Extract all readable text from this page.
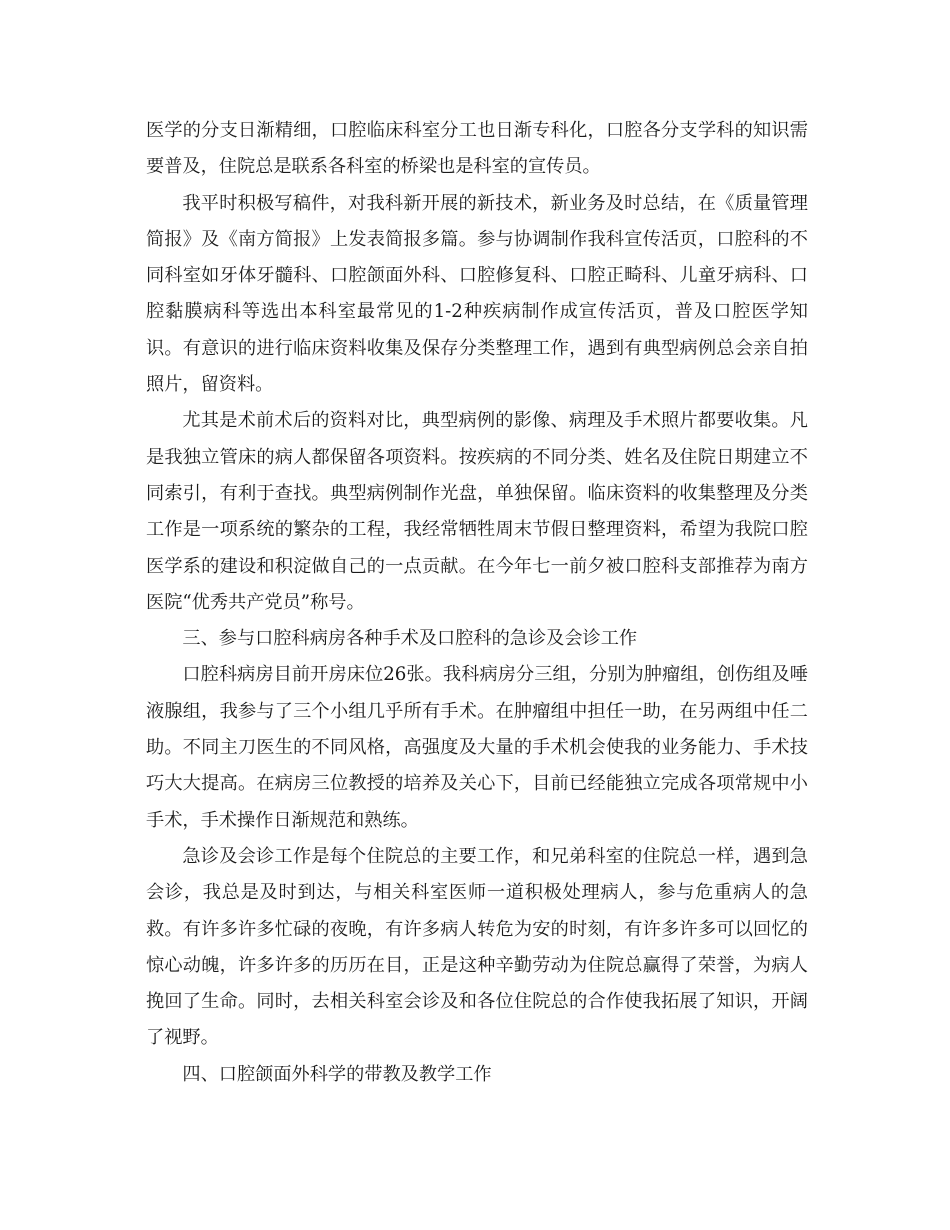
医学的分支日渐精细，口腔临床科室分工也日渐专科化，口腔各分支学科的知识需要普及，住院总是联系各科室的桥梁也是科室的宣传员。

我平时积极写稿件，对我科新开展的新技术，新业务及时总结，在《质量管理简报》及《南方简报》上发表简报多篇。参与协调制作我科宣传活页，口腔科的不同科室如牙体牙髓科、口腔颌面外科、口腔修复科、口腔正畸科、儿童牙病科、口腔黏膜病科等选出本科室最常见的1-2种疾病制作成宣传活页，普及口腔医学知识。有意识的进行临床资料收集及保存分类整理工作，遇到有典型病例总会亲自拍照片，留资料。

尤其是术前术后的资料对比，典型病例的影像、病理及手术照片都要收集。凡是我独立管床的病人都保留各项资料。按疾病的不同分类、姓名及住院日期建立不同索引，有利于查找。典型病例制作光盘，单独保留。临床资料的收集整理及分类工作是一项系统的繁杂的工程，我经常牺牲周末节假日整理资料，希望为我院口腔医学系的建设和积淀做自己的一点贡献。在今年七一前夕被口腔科支部推荐为南方医院“优秀共产党员”称号。

三、参与口腔科病房各种手术及口腔科的急诊及会诊工作

口腔科病房目前开房床位26张。我科病房分三组，分别为肿瘤组，创伤组及唾液腺组，我参与了三个小组几乎所有手术。在肿瘤组中担任一助，在另两组中任二助。不同主刀医生的不同风格，高强度及大量的手术机会使我的业务能力、手术技巧大大提高。在病房三位教授的培养及关心下，目前已经能独立完成各项常规中小手术，手术操作日渐规范和熟练。

急诊及会诊工作是每个住院总的主要工作，和兄弟科室的住院总一样，遇到急会诊，我总是及时到达，与相关科室医师一道积极处理病人，参与危重病人的急救。有许多许多忙碌的夜晚，有许多病人转危为安的时刻，有许多许多可以回忆的惊心动魄，许多许多的历历在目，正是这种辛勤劳动为住院总赢得了荣誉，为病人挽回了生命。同时，去相关科室会诊及和各位住院总的合作使我拓展了知识，开阔了视野。

四、口腔颌面外科学的带教及教学工作
